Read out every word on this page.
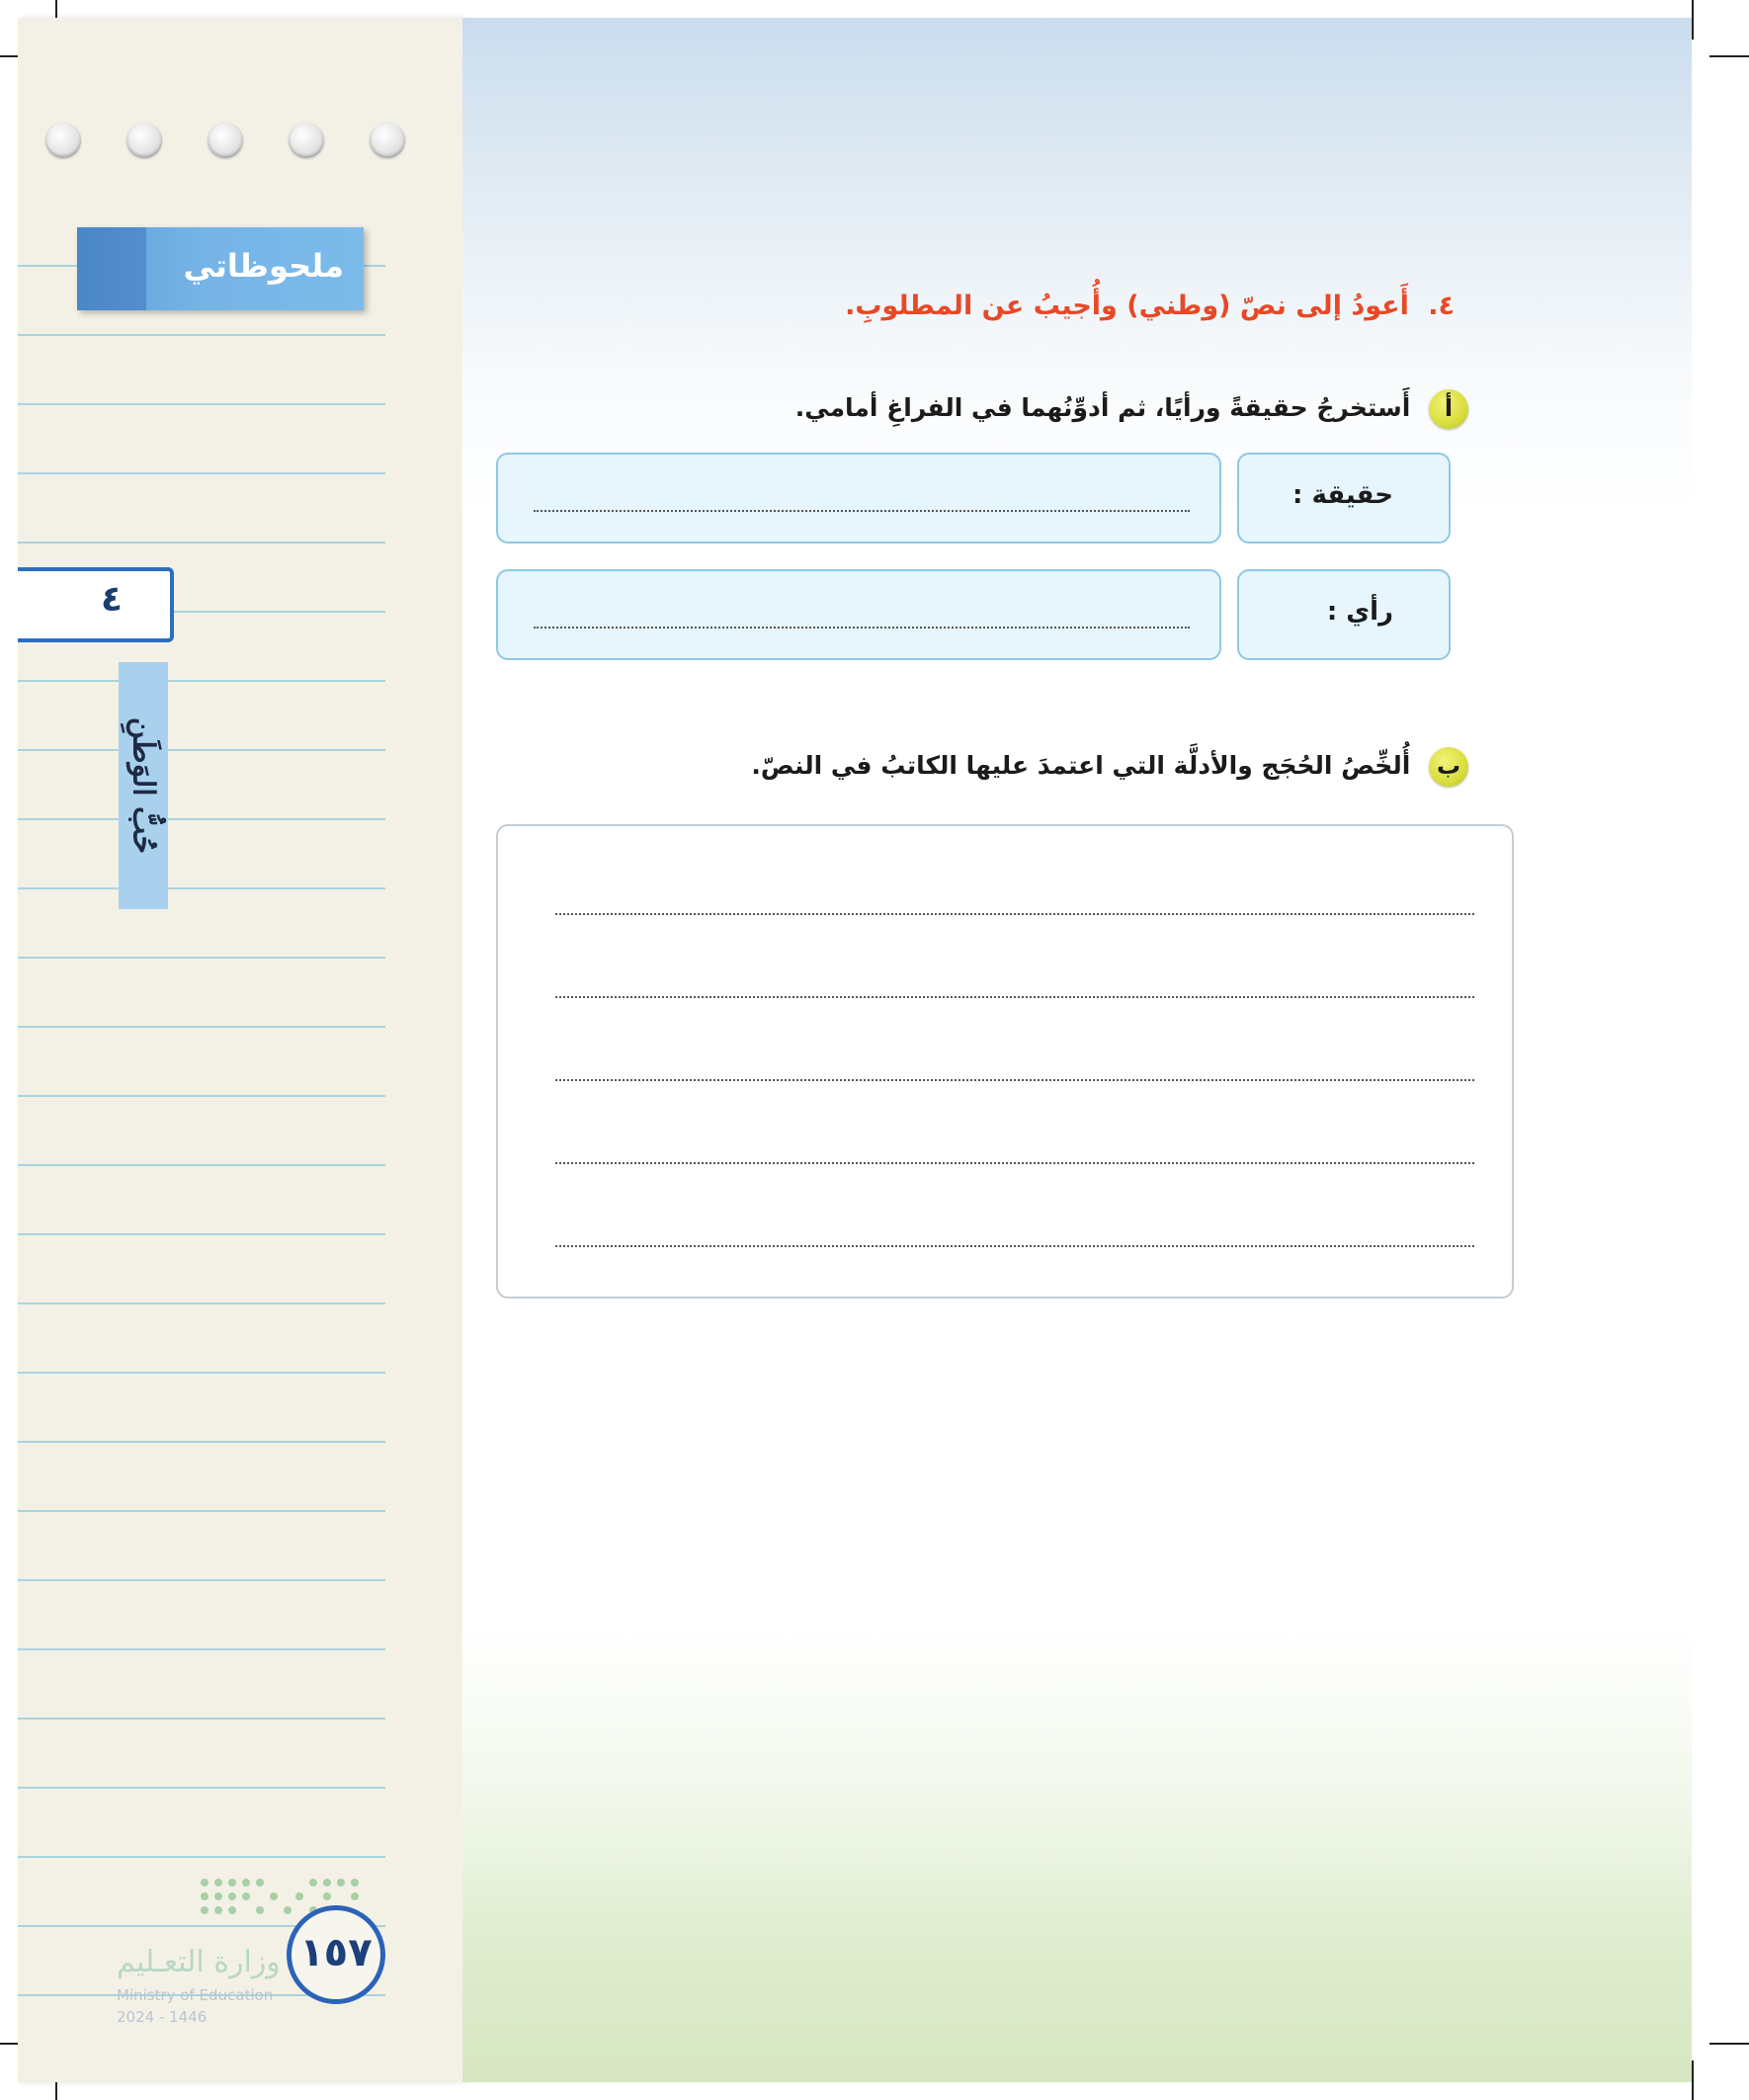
ملحوظاتي
٤
حُبُّ الوَطَنِ
وزارة التعـليم
Ministry of Education
2024 - 1446
١٥٧
٤. أَعودُ إلى نصّ (وطني) وأُجيبُ عن المطلوبِ.
أ أَستخرجُ حقيقةً ورأيًا، ثم أدوِّنُهما في الفراغِ أمامي.
حقيقة :
رأي :
ب أُلخِّصُ الحُجَج والأدلَّة التي اعتمدَ عليها الكاتبُ في النصّ.
